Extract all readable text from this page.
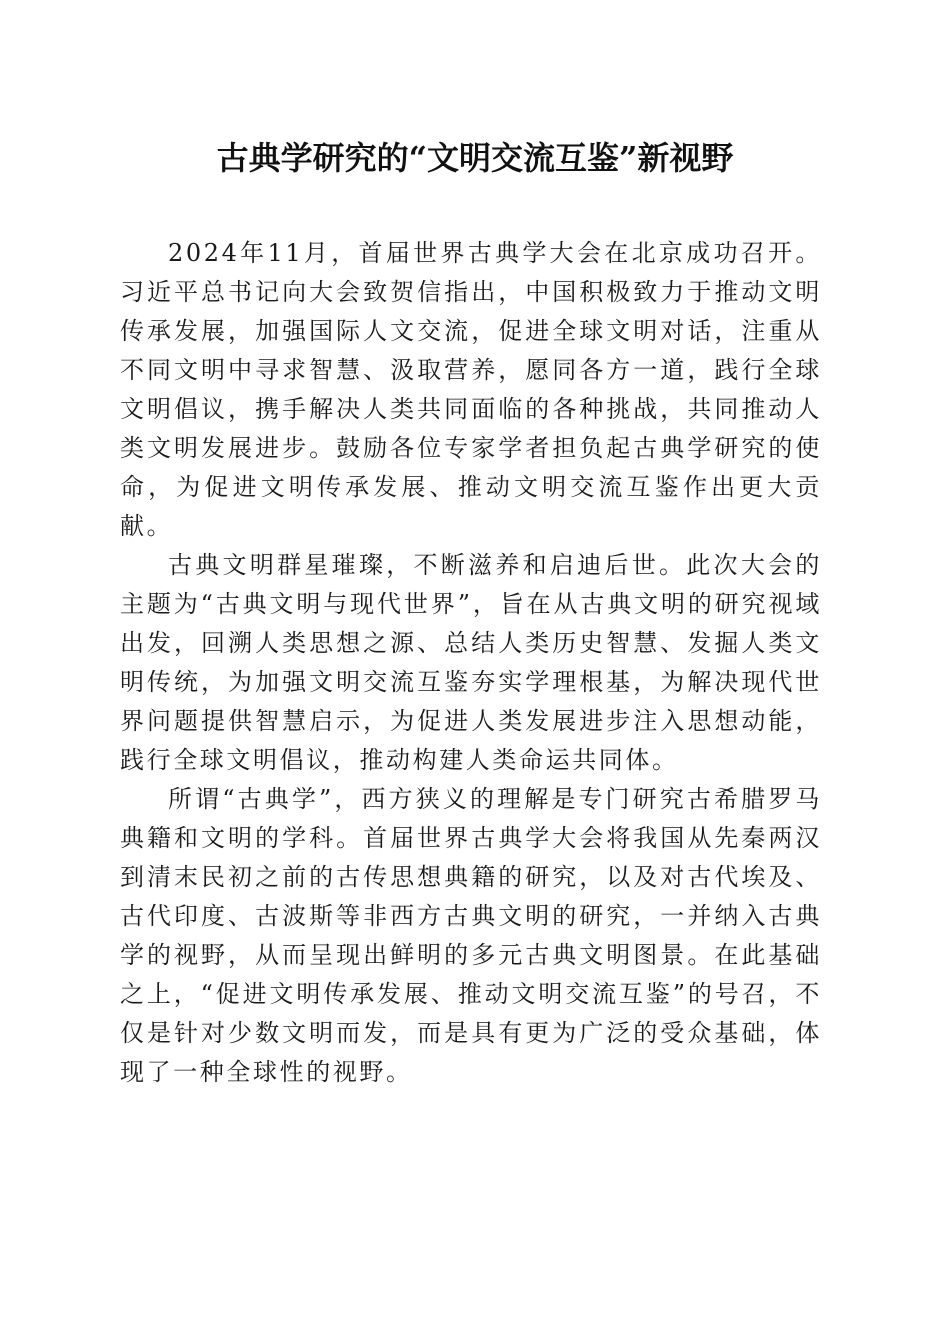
古典学研究的“文明交流互鉴”新视野

2024年11月，首届世界古典学大会在北京成功召开。习近平总书记向大会致贺信指出，中国积极致力于推动文明传承发展，加强国际人文交流，促进全球文明对话，注重从不同文明中寻求智慧、汲取营养，愿同各方一道，践行全球文明倡议，携手解决人类共同面临的各种挑战，共同推动人类文明发展进步。鼓励各位专家学者担负起古典学研究的使命，为促进文明传承发展、推动文明交流互鉴作出更大贡献。

古典文明群星璀璨，不断滋养和启迪后世。此次大会的主题为“古典文明与现代世界”，旨在从古典文明的研究视域出发，回溯人类思想之源、总结人类历史智慧、发掘人类文明传统，为加强文明交流互鉴夯实学理根基，为解决现代世界问题提供智慧启示，为促进人类发展进步注入思想动能，践行全球文明倡议，推动构建人类命运共同体。

所谓“古典学”，西方狭义的理解是专门研究古希腊罗马典籍和文明的学科。首届世界古典学大会将我国从先秦两汉到清末民初之前的古传思想典籍的研究，以及对古代埃及、古代印度、古波斯等非西方古典文明的研究，一并纳入古典学的视野，从而呈现出鲜明的多元古典文明图景。在此基础之上，“促进文明传承发展、推动文明交流互鉴”的号召，不仅是针对少数文明而发，而是具有更为广泛的受众基础，体现了一种全球性的视野。
